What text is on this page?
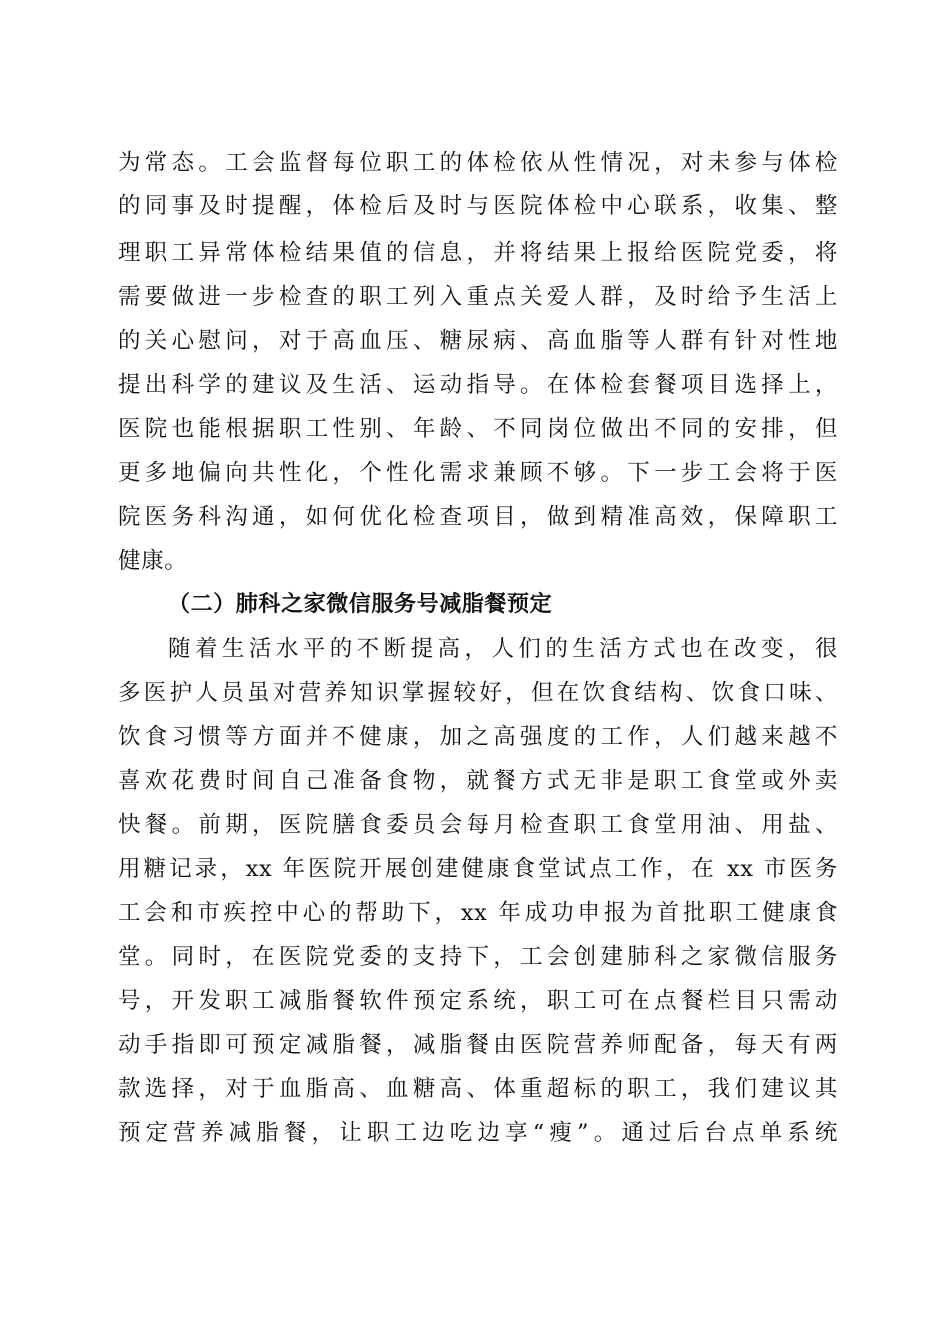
为常态。工会监督每位职工的体检依从性情况，对未参与体检
的同事及时提醒，体检后及时与医院体检中心联系，收集、整
理职工异常体检结果值的信息，并将结果上报给医院党委，将
需要做进一步检查的职工列入重点关爱人群，及时给予生活上
的关心慰问，对于高血压、糖尿病、高血脂等人群有针对性地
提出科学的建议及生活、运动指导。在体检套餐项目选择上，
医院也能根据职工性别、年龄、不同岗位做出不同的安排，但
更多地偏向共性化，个性化需求兼顾不够。下一步工会将于医
院医务科沟通，如何优化检查项目，做到精准高效，保障职工
健康。
（二）肺科之家微信服务号减脂餐预定
随着生活水平的不断提高，人们的生活方式也在改变，很
多医护人员虽对营养知识掌握较好，但在饮食结构、饮食口味、
饮食习惯等方面并不健康，加之高强度的工作，人们越来越不
喜欢花费时间自己准备食物，就餐方式无非是职工食堂或外卖
快餐。前期，医院膳食委员会每月检查职工食堂用油、用盐、
用糖记录，xx 年医院开展创建健康食堂试点工作，在 xx 市医务
工会和市疾控中心的帮助下，xx 年成功申报为首批职工健康食
堂。同时，在医院党委的支持下，工会创建肺科之家微信服务
号，开发职工减脂餐软件预定系统，职工可在点餐栏目只需动
动手指即可预定减脂餐，减脂餐由医院营养师配备，每天有两
款选择，对于血脂高、血糖高、体重超标的职工，我们建议其
预定营养减脂餐，让职工边吃边享“瘦”。通过后台点单系统
